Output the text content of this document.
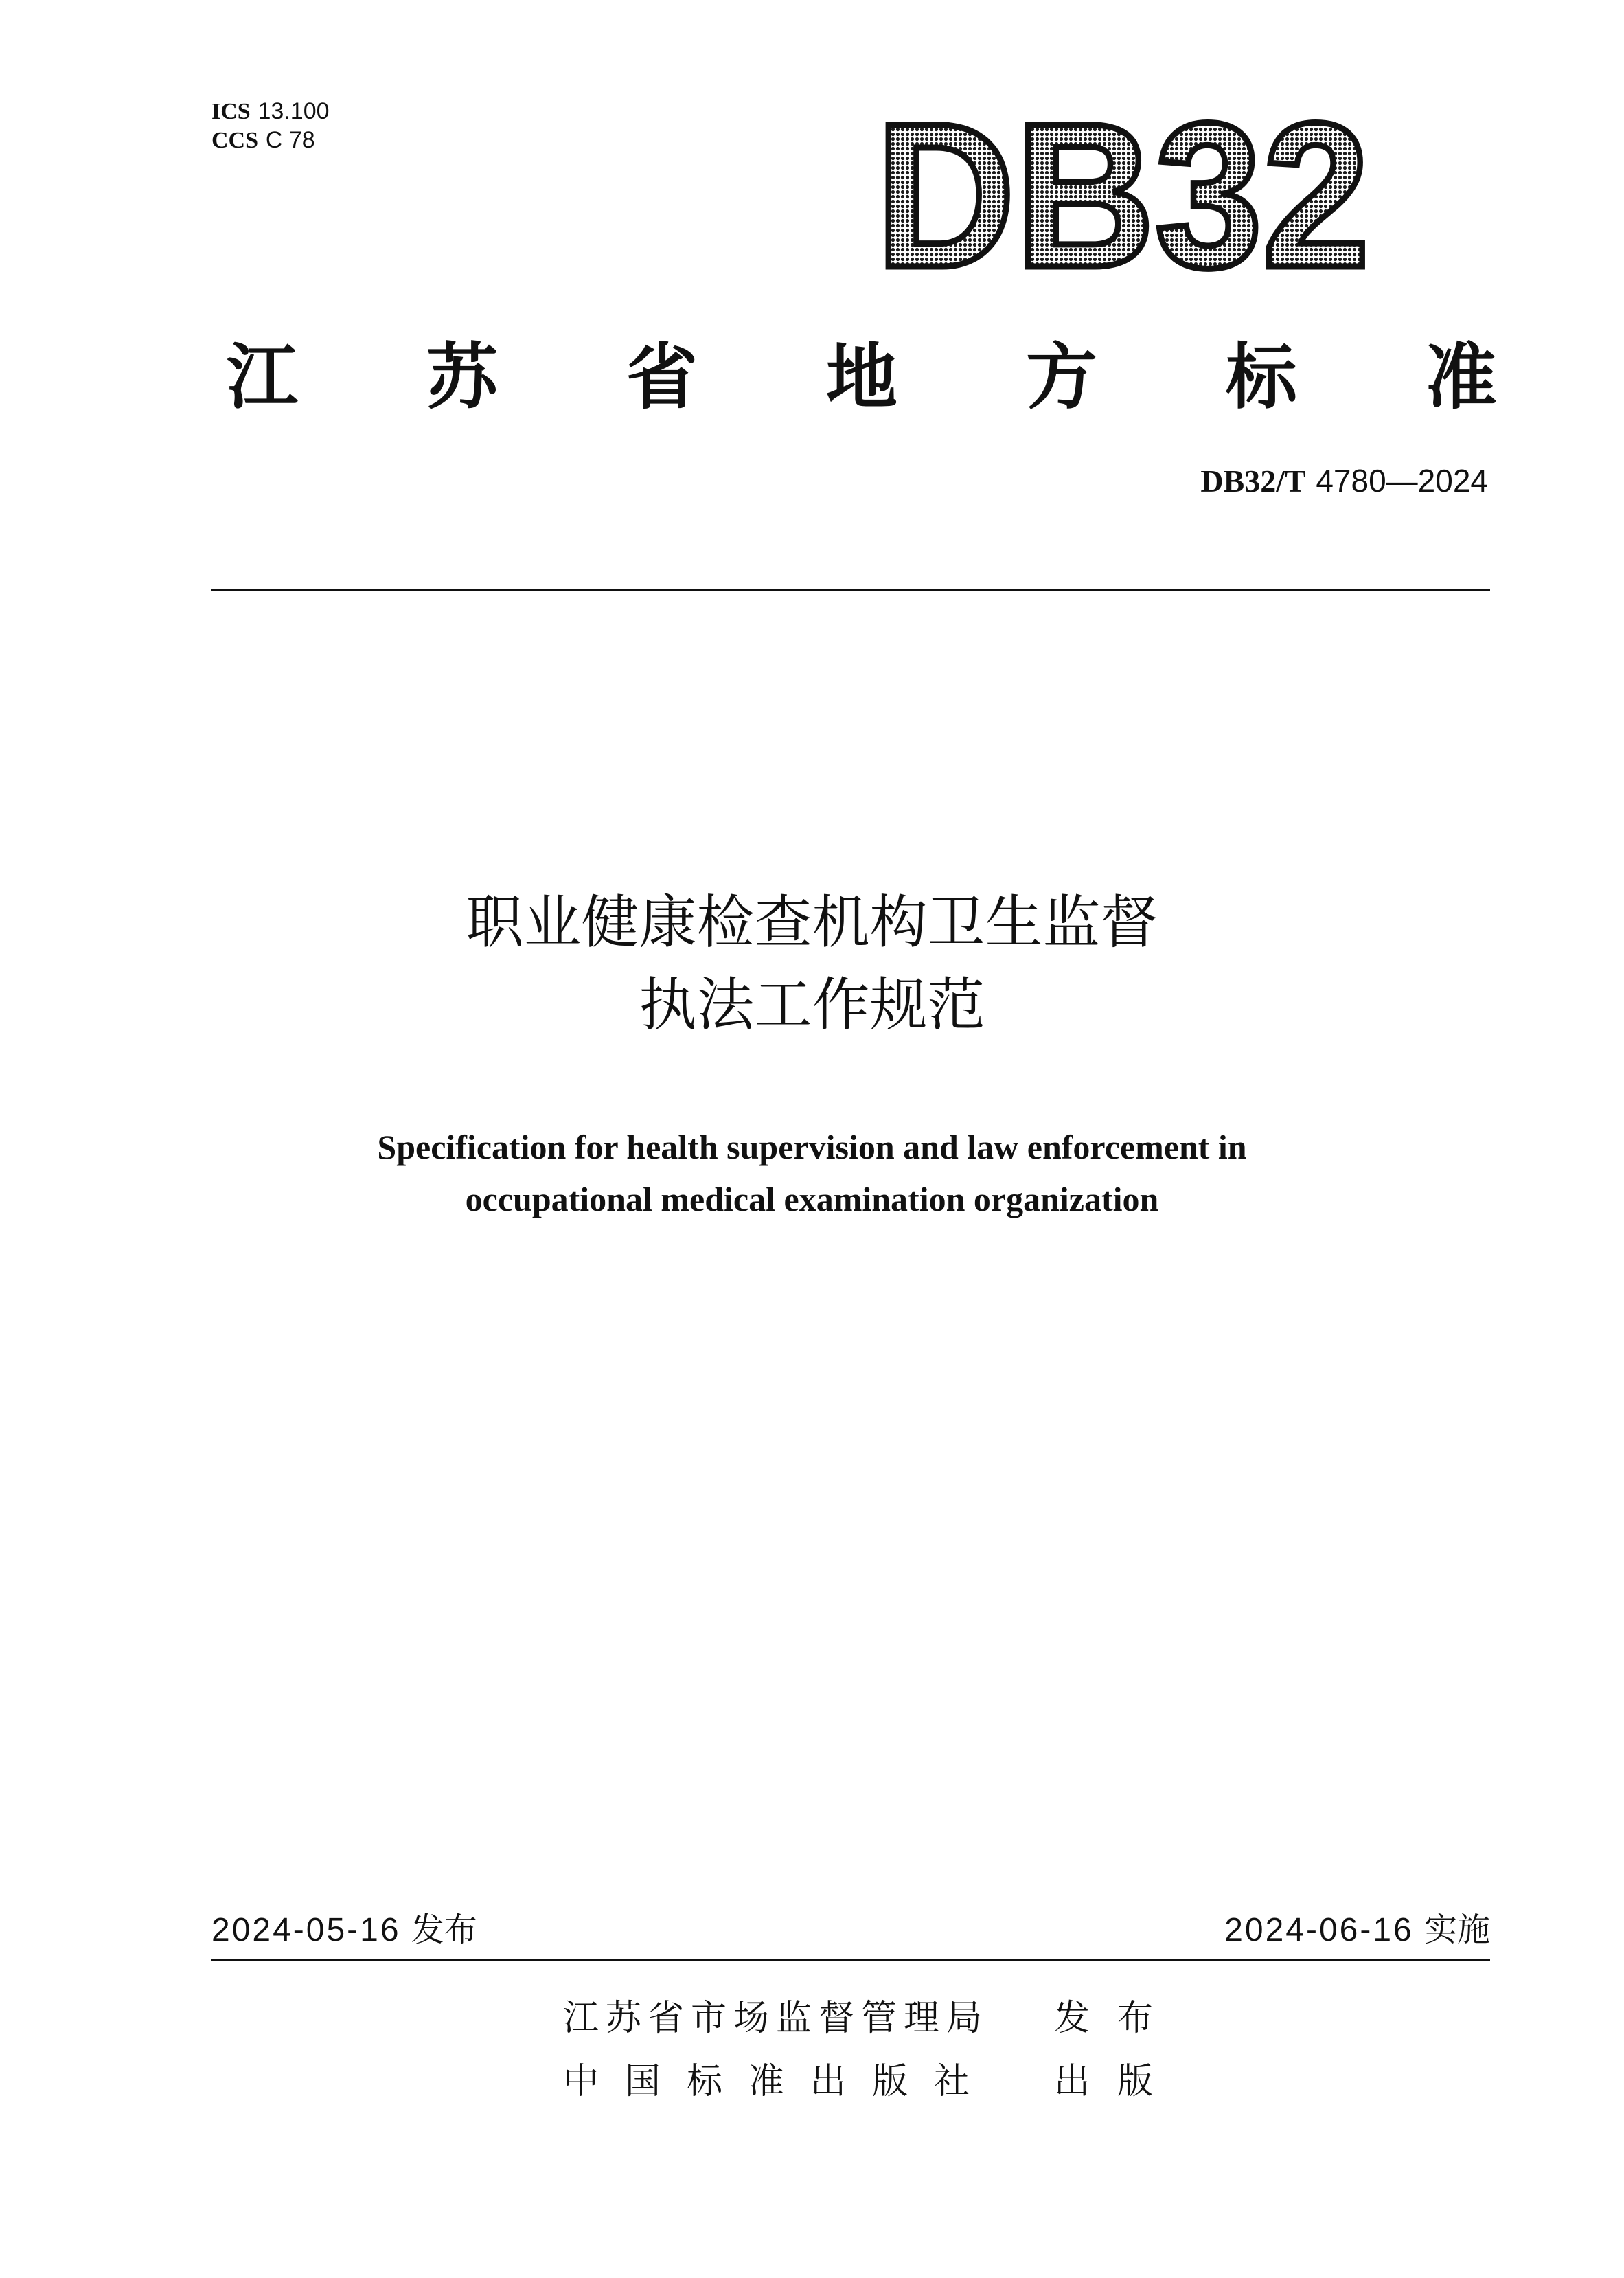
ICS 13.100
CCS C 78	DB32
江 苏 省 地 方 标 准
DB32/T 4780—2024
职业健康检查机构卫生监督
执法工作规范
Specification for health supervision and law enforcement in
occupational medical examination organization
2024-05-16 发布	2024-06-16 实施
江苏省市场监督管理局 发布
中国标准出版社 出版
